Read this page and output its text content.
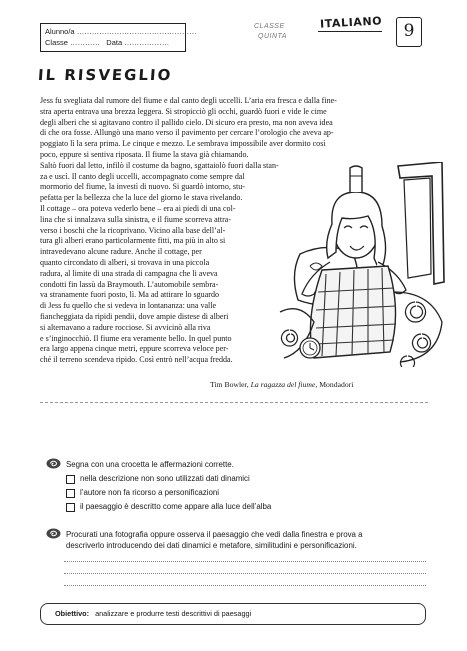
Alunno/a …………………………………………
Classe ………… Data ………………
CLASSE
QUINTA
ITALIANO	9
IL RISVEGLIO
Jess fu svegliata dal rumore del fiume e dal canto degli uccelli. L’aria era fresca e dalla fine-
stra aperta entrava una brezza leggera. Si stropicciò gli occhi, guardò fuori e vide le cime
degli alberi che si agitavano contro il pallido cielo. Di sicuro era presto, ma non aveva idea
di che ora fosse. Allungò una mano verso il pavimento per cercare l’orologio che aveva ap-
poggiato lì la sera prima. Le cinque e mezzo. Le sembrava impossibile aver dormito così
poco, eppure si sentiva riposata. Il fiume la stava già chiamando.
Saltò fuori dal letto, infilò il costume da bagno, sgattaiolò fuori dalla stan-
za e uscì. Il canto degli uccelli, accompagnato come sempre dal
mormorio del fiume, la investì di nuovo. Si guardò intorno, stu-
pefatta per la bellezza che la luce del giorno le stava rivelando.
Il cottage – ora poteva vederlo bene – era ai piedi di una col-
lina che si innalzava sulla sinistra, e il fiume scorreva attra-
verso i boschi che la ricoprivano. Vicino alla base dell’al-
tura gli alberi erano particolarmente fitti, ma più in alto si
intravedevano alcune radure. Anche il cottage, per
quanto circondato di alberi, si trovava in una piccola
radura, al limite di una strada di campagna che li aveva
condotti fin lassù da Braymouth. L’automobile sembra-
va stranamente fuori posto, lì. Ma ad attirare lo sguardo
di Jess fu quello che si vedeva in lontananza: una valle
fiancheggiata da ripidi pendii, dove ampie distese di alberi
si alternavano a radure rocciose. Si avvicinò alla riva
e s’inginocchiò. Il fiume era veramente bello. In quel punto
era largo appena cinque metri, eppure scorreva veloce per-
ché il terreno scendeva ripido. Così entrò nell’acqua fredda.
Tim Bowler, La ragazza del fiume, Mondadori
Segna con una crocetta le affermazioni corrette.
nella descrizione non sono utilizzati dati dinamici
l’autore non fa ricorso a personificazioni
il paesaggio è descritto come appare alla luce dell’alba
Procurati una fotografia oppure osserva il paesaggio che vedi dalla finestra e prova a
descriverlo introducendo dei dati dinamici e metafore, similitudini e personificazioni.
Obiettivo: analizzare e produrre testi descrittivi di paesaggi
